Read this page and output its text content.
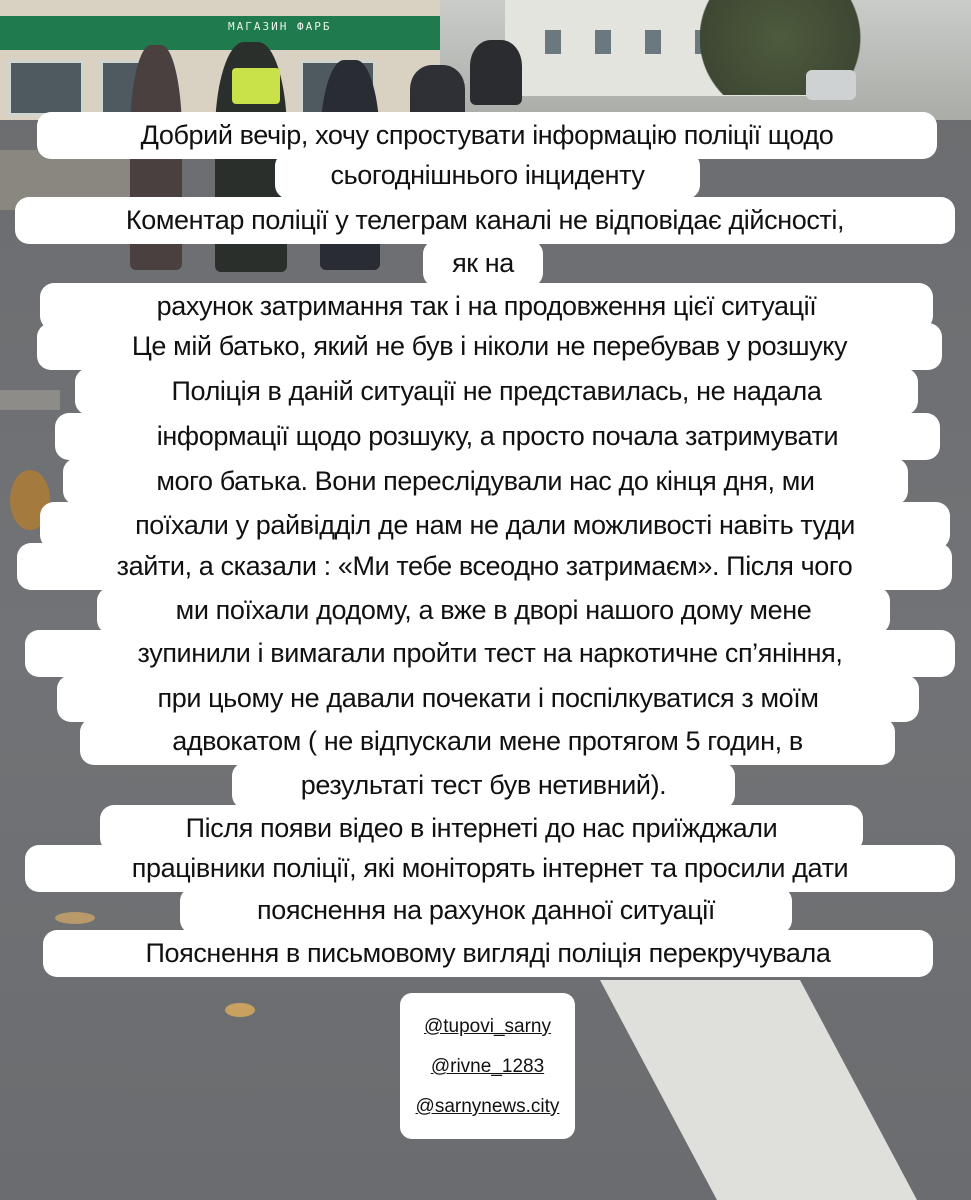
МАГАЗИН ФАРБ
Добрий вечір, хочу спростувати інформацію поліції щодо
сьогоднішнього інциденту
Коментар поліції у телеграм каналі не відповідає дійсності,
як на
рахунок затримання так і на продовження цієї ситуації
Це мій батько, який не був і ніколи не перебував у розшуку
Поліція в даній ситуації не представилась, не надала
інформації щодо розшуку, а просто почала затримувати
мого батька. Вони переслідували нас до кінця дня, ми
поїхали у райвідділ де нам не дали можливості навіть туди
зайти, а сказали : «Ми тебе всеодно затримаєм». Після чого
ми поїхали додому, а вже в дворі нашого дому мене
зупинили і вимагали пройти тест на наркотичне сп’яніння,
при цьому не давали почекати і поспілкуватися з моїм
адвокатом ( не відпускали мене протягом 5 годин, в
результаті тест був нетивний).
Після появи відео в інтернеті до нас приїжджали
працівники поліції, які моніторять інтернет та просили дати
пояснення на рахунок данної ситуації
Пояснення в письмовому вигляді поліція перекручувала
@tupovi_sarny
@rivne_1283
@sarnynews.city
